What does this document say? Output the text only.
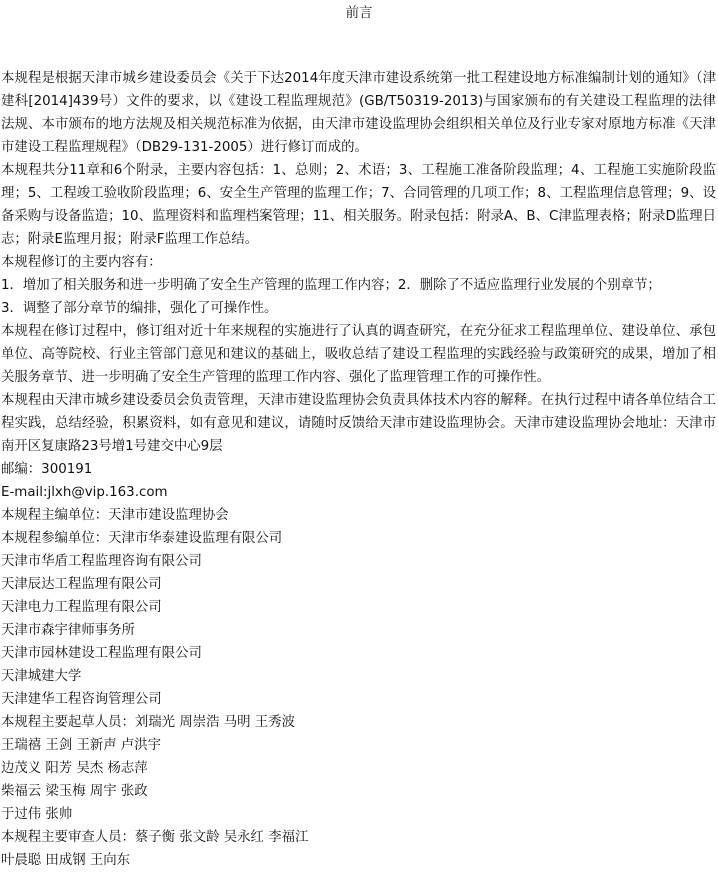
前言

本规程是根据天津市城乡建设委员会《关于下达2014年度天津市建设系统第一批工程建设地方标准编制计划的通知》（津建科[2014]439号）文件的要求，以《建设工程监理规范》(GB/T50319-2013)与国家颁布的有关建设工程监理的法律法规、本市颁布的地方法规及相关规范标准为依据，由天津市建设监理协会组织相关单位及行业专家对原地方标准《天津市建设工程监理规程》（DB29-131-2005）进行修订而成的。

本规程共分11章和6个附录，主要内容包括：1、总则；2、术语；3、工程施工准备阶段监理；4、工程施工实施阶段监理；5、工程竣工验收阶段监理；6、安全生产管理的监理工作；7、合同管理的几项工作；8、工程监理信息管理；9、设备采购与设备监造；10、监理资料和监理档案管理；11、相关服务。附录包括：附录A、B、C津监理表格；附录D监理日志；附录E监理月报；附录F监理工作总结。

本规程修订的主要内容有：

1．增加了相关服务和进一步明确了安全生产管理的监理工作内容；2．删除了不适应监理行业发展的个别章节；

3．调整了部分章节的编排，强化了可操作性。

本规程在修订过程中，修订组对近十年来规程的实施进行了认真的调查研究，在充分征求工程监理单位、建设单位、承包单位、高等院校、行业主管部门意见和建议的基础上，吸收总结了建设工程监理的实践经验与政策研究的成果，增加了相关服务章节、进一步明确了安全生产管理的监理工作内容、强化了监理管理工作的可操作性。

本规程由天津市城乡建设委员会负责管理，天津市建设监理协会负责具体技术内容的解释。在执行过程中请各单位结合工程实践，总结经验，积累资料，如有意见和建议，请随时反馈给天津市建设监理协会。天津市建设监理协会地址：天津市南开区复康路23号增1号建交中心9层

邮编：300191

E-mail:jlxh@vip.163.com

本规程主编单位：天津市建设监理协会

本规程参编单位：天津市华泰建设监理有限公司

天津市华盾工程监理咨询有限公司

天津辰达工程监理有限公司

天津电力工程监理有限公司

天津市森宇律师事务所

天津市园林建设工程监理有限公司

天津城建大学

天津建华工程咨询管理公司

本规程主要起草人员：刘瑞光 周崇浩 马明 王秀波

王瑞禧 王剑 王新声 卢洪宇

边茂义 阳芳 吴杰 杨志萍

柴福云 梁玉梅 周宇 张政

于过伟 张帅

本规程主要审查人员：蔡子衡 张文龄 吴永红 李福江

叶晨聪 田成钢 王向东
